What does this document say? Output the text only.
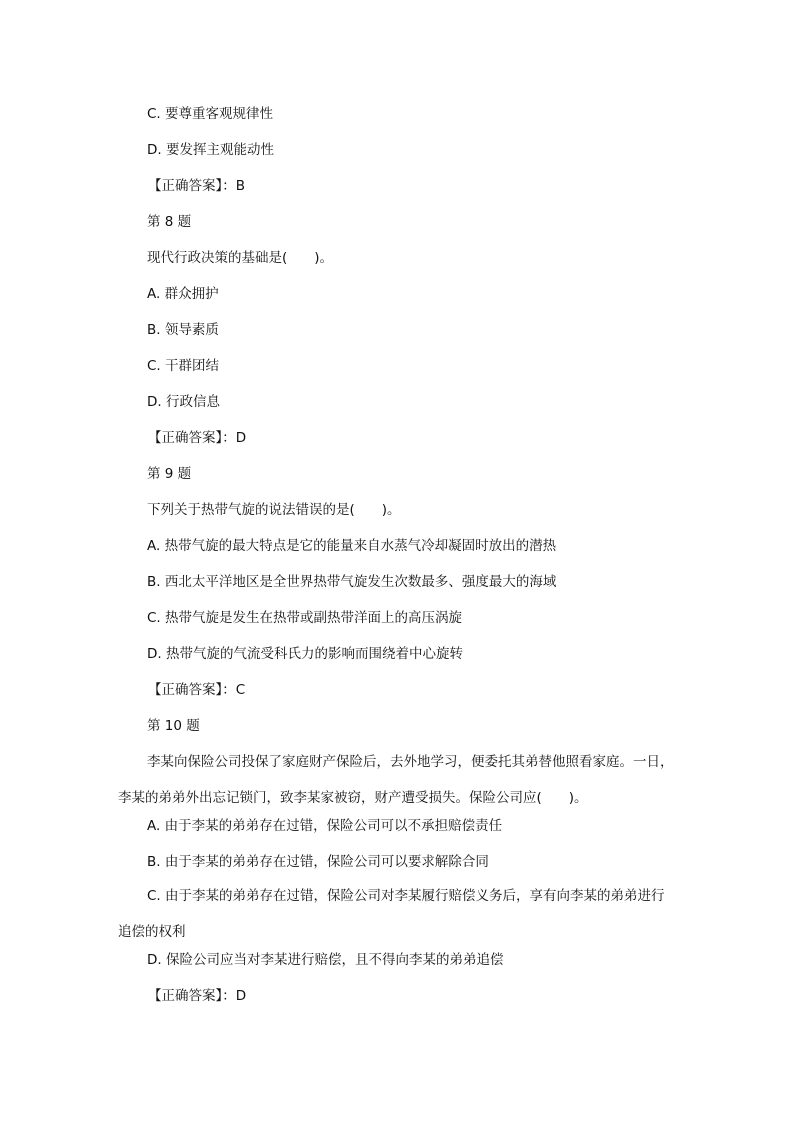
C. 要尊重客观规律性
D. 要发挥主观能动性
【正确答案】：B
第 8 题
现代行政决策的基础是(　　)。
A. 群众拥护
B. 领导素质
C. 干群团结
D. 行政信息
【正确答案】：D
第 9 题
下列关于热带气旋的说法错误的是(　　)。
A. 热带气旋的最大特点是它的能量来自水蒸气冷却凝固时放出的潜热
B. 西北太平洋地区是全世界热带气旋发生次数最多、强度最大的海域
C. 热带气旋是发生在热带或副热带洋面上的高压涡旋
D. 热带气旋的气流受科氏力的影响而围绕着中心旋转
【正确答案】：C
第 10 题
李某向保险公司投保了家庭财产保险后，去外地学习，便委托其弟替他照看家庭。一日，李某的弟弟外出忘记锁门，致李某家被窃，财产遭受损失。保险公司应(　　)。
A. 由于李某的弟弟存在过错，保险公司可以不承担赔偿责任
B. 由于李某的弟弟存在过错，保险公司可以要求解除合同
C. 由于李某的弟弟存在过错，保险公司对李某履行赔偿义务后，享有向李某的弟弟进行追偿的权利
D. 保险公司应当对李某进行赔偿，且不得向李某的弟弟追偿
【正确答案】：D
